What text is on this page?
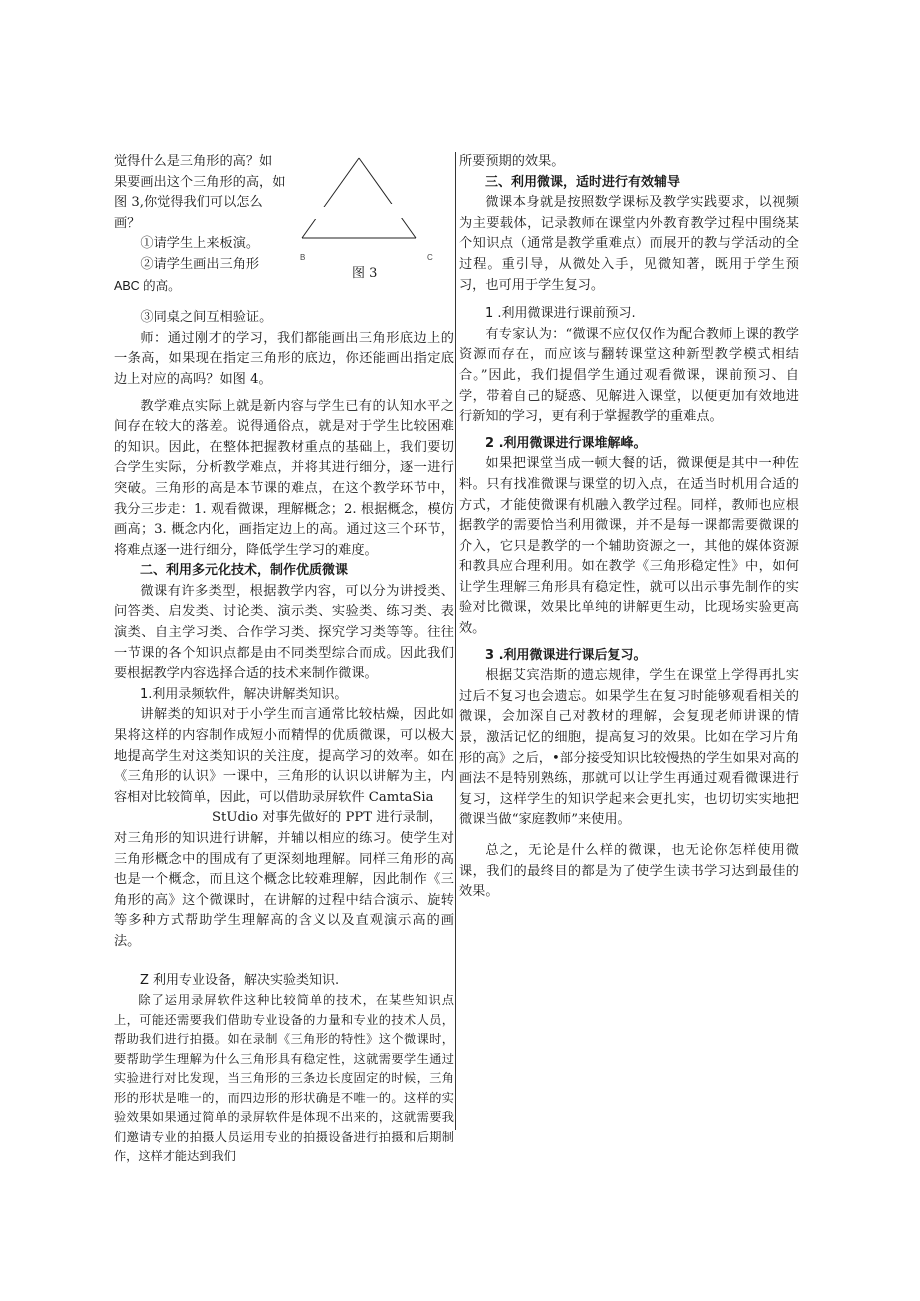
B	C

觉得什么是三角形的高？如

果要画出这个三角形的高，如

图 3,你觉得我们可以怎么

画？

①请学生上来板演。

②请学生画出三角形

图 3

ABC 的高。

③同桌之间互相验证。

师：通过刚才的学习，我们都能画出三角形底边上的一条高，如果现在指定三角形的底边，你还能画出指定底边上对应的高吗？如图 4。

教学难点实际上就是新内容与学生已有的认知水平之间存在较大的落差。说得通俗点，就是对于学生比较困难的知识。因此，在整体把握教材重点的基础上，我们要切合学生实际，分析教学难点，并将其进行细分，逐一进行突破。三角形的高是本节课的难点，在这个教学环节中，我分三步走：1. 观看微课，理解概念；2. 根据概念，模仿画高；3. 概念内化，画指定边上的高。通过这三个环节，将难点逐一进行细分，降低学生学习的难度。

二、利用多元化技术，制作优质微课

微课有许多类型，根据教学内容，可以分为讲授类、问答类、启发类、讨论类、演示类、实验类、练习类、表演类、自主学习类、合作学习类、探究学习类等等。往往一节课的各个知识点都是由不同类型综合而成。因此我们要根据教学内容选择合适的技术来制作微课。

1.利用录频软件，解决讲解类知识。

讲解类的知识对于小学生而言通常比较枯燥，因此如果将这样的内容制作成短小而精悍的优质微课，可以极大地提高学生对这类知识的关注度，提高学习的效率。如在《三角形的认识》一课中，三角形的认识以讲解为主，内容相对比较简单，因此，可以借助录屏软件 CamtaSia

StUdio 对事先做好的 PPT 进行录制，

对三角形的知识进行讲解，并辅以相应的练习。使学生对三角形概念中的围成有了更深刻地理解。同样三角形的高也是一个概念，而且这个概念比较难理解，因此制作《三角形的高》这个微课时，在讲解的过程中结合演示、旋转等多种方式帮助学生理解高的含义以及直观演示高的画法。

Z 利用专业设备，解决实验类知识.

除了运用录屏软件这种比较简单的技术，在某些知识点上，可能还需要我们借助专业设备的力量和专业的技术人员，帮助我们进行拍摄。如在录制《三角形的特性》这个微课时，要帮助学生理解为什么三角形具有稳定性，这就需要学生通过实验进行对比发现，当三角形的三条边长度固定的时候，三角形的形状是唯一的，而四边形的形状确是不唯一的。这样的实验效果如果通过简单的录屏软件是体现不出来的，这就需要我们邀请专业的拍摄人员运用专业的拍摄设备进行拍摄和后期制作，这样才能达到我们

所要预期的效果。

三、利用微课，适时进行有效辅导

微课本身就是按照数学课标及教学实践要求，以视频为主要载体，记录教师在课堂内外教育教学过程中围绕某个知识点（通常是教学重难点）而展开的教与学活动的全过程。重引导，从微处入手，见微知著，既用于学生预习，也可用于学生复习。

1 .利用微课进行课前预习.

有专家认为：“微课不应仅仅作为配合教师上课的教学资源而存在，而应该与翻转课堂这种新型教学模式相结合。”因此，我们提倡学生通过观看微课，课前预习、自学，带着自己的疑惑、见解进入课堂，以便更加有效地进行新知的学习，更有利于掌握教学的重难点。

2 .利用微课进行课堆解峰。

如果把课堂当成一顿大餐的话，微课便是其中一种佐料。只有找准微课与课堂的切入点，在适当时机用合适的方式，才能使微课有机融入教学过程。同样，教师也应根据教学的需要恰当利用微课，并不是每一课都需要微课的介入，它只是教学的一个辅助资源之一，其他的媒体资源和教具应合理利用。如在教学《三角形稳定性》中，如何让学生理解三角形具有稳定性，就可以出示事先制作的实验对比微课，效果比单纯的讲解更生动，比现场实验更高效。

3 .利用微课进行课后复习。

根据艾宾浩斯的遗忘规律，学生在课堂上学得再扎实过后不复习也会遗忘。如果学生在复习时能够观看相关的微课，会加深自己对教材的理解，会复现老师讲课的情景，激活记忆的细胞，提高复习的效果。比如在学习片角形的高》之后，•部分接受知识比较慢热的学生如果对高的画法不是特别熟练，那就可以让学生再通过观看微课进行复习，这样学生的知识学起来会更扎实，也切切实实地把微课当做“家庭教师”来使用。

总之，无论是什么样的微课，也无论你怎样使用微课，我们的最终目的都是为了使学生读书学习达到最佳的效果。
